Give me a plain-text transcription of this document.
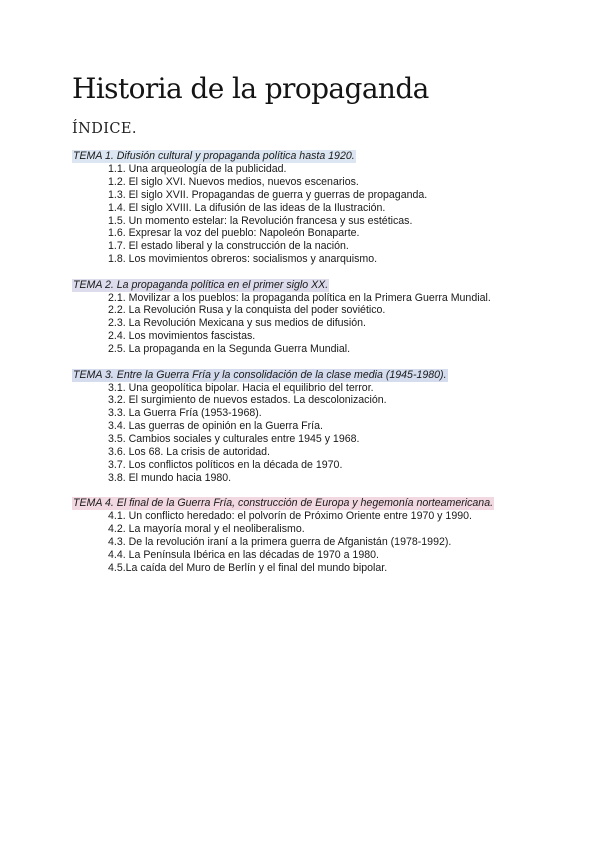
Historia de la propaganda
ÍNDICE.
TEMA 1. Difusión cultural y propaganda política hasta 1920.
1.1. Una arqueología de la publicidad.
1.2. El siglo XVI. Nuevos medios, nuevos escenarios.
1.3. El siglo XVII. Propagandas de guerra y guerras de propaganda.
1.4. El siglo XVIII. La difusión de las ideas de la Ilustración.
1.5. Un momento estelar: la Revolución francesa y sus estéticas.
1.6. Expresar la voz del pueblo: Napoleón Bonaparte.
1.7. El estado liberal y la construcción de la nación.
1.8. Los movimientos obreros: socialismos y anarquismo.
TEMA 2. La propaganda política en el primer siglo XX.
2.1. Movilizar a los pueblos: la propaganda política en la Primera Guerra Mundial.
2.2. La Revolución Rusa y la conquista del poder soviético.
2.3. La Revolución Mexicana y sus medios de difusión.
2.4. Los movimientos fascistas.
2.5. La propaganda en la Segunda Guerra Mundial.
TEMA 3. Entre la Guerra Fría y la consolidación de la clase media (1945-1980).
3.1. Una geopolítica bipolar. Hacia el equilibrio del terror.
3.2. El surgimiento de nuevos estados. La descolonización.
3.3. La Guerra Fría (1953-1968).
3.4. Las guerras de opinión en la Guerra Fría.
3.5. Cambios sociales y culturales entre 1945 y 1968.
3.6. Los 68. La crisis de autoridad.
3.7. Los conflictos políticos en la década de 1970.
3.8. El mundo hacia 1980.
TEMA 4. El final de la Guerra Fría, construcción de Europa y hegemonía norteamericana.
4.1. Un conflicto heredado: el polvorín de Próximo Oriente entre 1970 y 1990.
4.2. La mayoría moral y el neoliberalismo.
4.3. De la revolución iraní a la primera guerra de Afganistán (1978-1992).
4.4. La Península Ibérica en las décadas de 1970 a 1980.
4.5.La caída del Muro de Berlín y el final del mundo bipolar.
